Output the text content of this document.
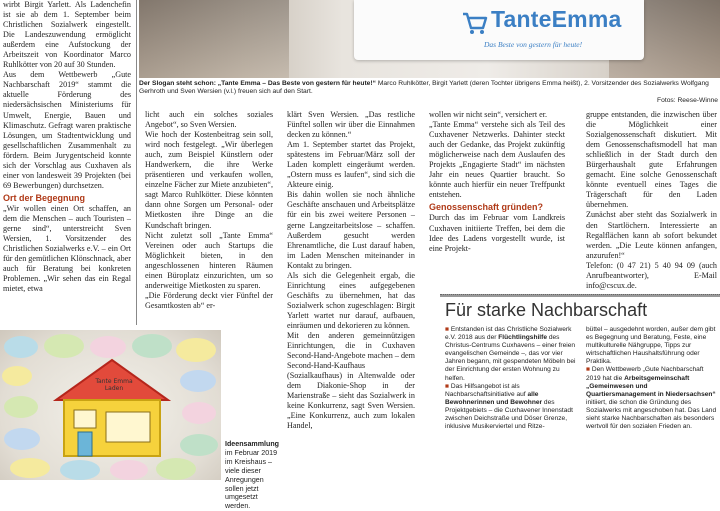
wirbt Birgit Yarlett. Als Ladenchefin ist sie ab dem 1. September beim Christlichen Sozialwerk eingestellt. Die Landeszuwendung ermöglicht außerdem eine Aufstockung der Arbeitszeit von Koordinator Marco Ruhlkötter von 20 auf 30 Stunden.
Aus dem Wettbewerb „Gute Nachbarschaft 2019“ stammt die aktuelle Förderung des niedersächsischen Ministeriums für Umwelt, Energie, Bauen und Klimaschutz. Gefragt waren praktische Lösungen, um Stadtentwicklung und gesellschaftlichen Zusammenhalt zu fördern. Beim Jurygentscheid konnte sich der Vorschlag aus Cuxhaven als einer von landesweit 39 Projekten (bei 69 Bewerbungen) durchsetzen.

Ort der Begegnung

„Wir wollen einen Ort schaffen, an dem die Menschen – auch Touristen – gerne sind“, unterstreicht Sven Wersien, 1. Vorsitzender des Christlichen Sozialwerks e.V. – ein Ort für den gemütlichen Klönschnack, aber auch für Beratung bei konkreten Problemen. „Wir sehen das ein Regal mietet, etwa

TanteEmma
Das Beste von gestern für heute!
Der Slogan steht schon: „Tante Emma – Das Beste von gestern für heute!“ Marco Ruhlkötter, Birgit Yarlett (deren Tochter übrigens Emma heißt), 2. Vorsitzender des Sozialwerks Wolfgang Gerhroth und Sven Wersien (v.l.) freuen sich auf den Start.
Fotos: Reese-Winne

licht auch ein solches soziales Angebot“, so Sven Wersien.
Wie hoch der Kostenbeitrag sein soll, wird noch festgelegt. „Wir überlegen auch, zum Beispiel Künstlern oder Handwerkern, die ihre Werke präsentieren und verkaufen wollen, einzelne Fächer zur Miete anzubieten“, sagt Marco Ruhlkötter. Diese könnten dann ohne Sorgen um Personal- oder Mietkosten ihre Dinge an die Kundschaft bringen.
Nicht zuletzt soll „Tante Emma“ Vereinen oder auch Startups die Möglichkeit bieten, in den angeschlossenen hinteren Räumen einen Büroplatz einzurichten, um so anderweitige Mietkosten zu sparen.
„Die Förderung deckt vier Fünftel der Gesamtkosten ab“ er-

klärt Sven Wersien. „Das restliche Fünftel sollen wir über die Einnahmen decken zu können.“
Am 1. September startet das Projekt, spätestens im Februar/März soll der Laden komplett eingeräumt werden. „Ostern muss es laufen“, sind sich die Akteure einig.
Bis dahin wollen sie noch ähnliche Geschäfte anschauen und Arbeitsplätze für ein bis zwei weitere Personen – gerne Langzeitarbeitslose – schaffen. Außerdem gesucht werden Ehrenamtliche, die Lust darauf haben, im Laden Menschen miteinander in Kontakt zu bringen.
Als sich die Gelegenheit ergab, die Einrichtung eines aufgegebenen Geschäfts zu übernehmen, hat das Sozialwerk schon zugeschlagen: Birgit Yarlett wartet nur darauf, aufbauen, einräumen und dekorieren zu können.
Mit den anderen gemeinnützigen Einrichtungen, die in Cuxhaven Second-Hand-Angebote machen – dem Second-Hand-Kaufhaus (Sozialkaufhaus) in Altenwalde oder dem Diakonie-Shop in der Marienstraße – sieht das Sozialwerk in keine Konkurrenz, sagt Sven Wersien. „Eine Konkurrenz, auch zum lokalen Handel,

wollen wir nicht sein“, versichert er.
„Tante Emma“ verstehe sich als Teil des Cuxhavener Netzwerks. Dahinter steckt auch der Gedanke, das Projekt zukünftig möglicherweise nach dem Auslaufen des Projekts „Engagierte Stadt“ im nächsten Jahr ein neues Quartier braucht. So könnte auch hierfür ein neuer Treffpunkt entstehen.

Genossenschaft gründen?

Durch das im Februar vom Landkreis Cuxhaven initiierte Treffen, bei dem die Idee des Ladens vorgestellt wurde, ist eine Projekt-

gruppe entstanden, die inzwischen über die Möglichkeit einer Sozialgenossenschaft diskutiert. Mit dem Genossenschaftsmodell hat man schließlich in der Stadt durch den Bürgerhaushalt gute Erfahrungen gemacht. Eine solche Genossenschaft könnte eventuell eines Tages die Trägerschaft für den Laden übernehmen.
Zunächst aber steht das Sozialwerk in den Startlöchern. Interessierte an Regalflächen kann ab sofort bekundet werden. „Die Leute können anfangen, anzurufen!“
Telefon: (0 47 21) 5 40 94 09 (auch Anrufbeantworter), E-Mail info@cscux.de.

Tante Emma Laden
Ideensammlung im Februar 2019 im Kreishaus – viele dieser Anregungen sollen jetzt umgesetzt werden.
Für starke Nachbarschaft

■ Entstanden ist das Christliche Sozialwerk e.V. 2018 aus der Flüchtlingshilfe des Christus-Centrums Cuxhavens – einer freien evangelischen Gemeinde –, das vor vier Jahren begann, mit gespendeten Möbeln bei der Einrichtung der ersten Wohnung zu helfen.

■ Das Hilfsangebot ist als Nachbarschaftsinitiative auf alle Bewohnerinnen und Bewohner des Projektgebiets – die Cuxhavener Innenstadt zwischen Deichstraße und Döser Grenze, inklusive Musikerviertel und Ritze-

büttel – ausgedehnt worden, außer dem gibt es Begegnung und Beratung, Feste, eine multikulturelle Nähgruppe, Tipps zur wirtschaftlichen Haushaltsführung oder Praktika.

■ Den Wettbewerb „Gute Nachbarschaft 2019 hat die Arbeitsgemeinschaft „Gemeinwesen und Quartiersmanagement in Niedersachsen“ initiiert, die schon die Gründung des Sozialwerks mit angeschoben hat. Das Land sieht starke Nachbarschaften als besonders wertvoll für den sozialen Frieden an.
